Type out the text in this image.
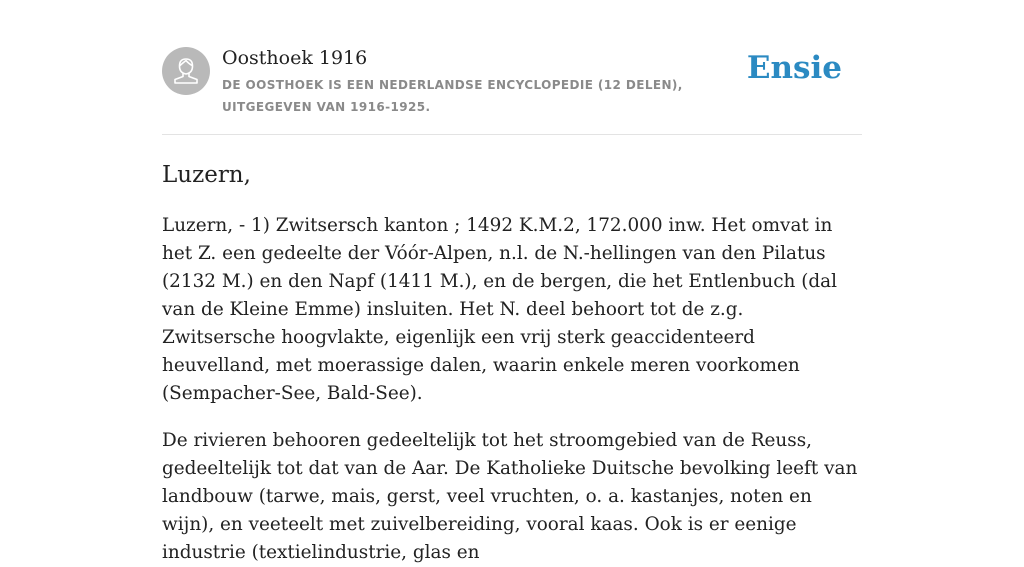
Oosthoek 1916
DE OOSTHOEK IS EEN NEDERLANDSE ENCYCLOPEDIE (12 DELEN), UITGEGEVEN VAN 1916-1925.
Ensie
Luzern,

Luzern, - 1) Zwitsersch kanton ; 1492 K.M.2, 172.000 inw. Het omvat in het Z. een gedeelte der Vóór-Alpen, n.l. de N.-hellingen van den Pilatus (2132 M.) en den Napf (1411 M.), en de bergen, die het Entlenbuch (dal van de Kleine Emme) insluiten. Het N. deel behoort tot de z.g. Zwitsersche hoogvlakte, eigenlijk een vrij sterk geaccidenteerd heuvelland, met moerassige dalen, waarin enkele meren voorkomen (Sempacher-See, Bald-See).

De rivieren behooren gedeeltelijk tot het stroomgebied van de Reuss, gedeeltelijk tot dat van de Aar. De Katholieke Duitsche bevolking leeft van landbouw (tarwe, mais, gerst, veel vruchten, o. a. kastanjes, noten en wijn), en veeteelt met zuivelbereiding, vooral kaas. Ook is er eenige industrie (textielindustrie, glas en
